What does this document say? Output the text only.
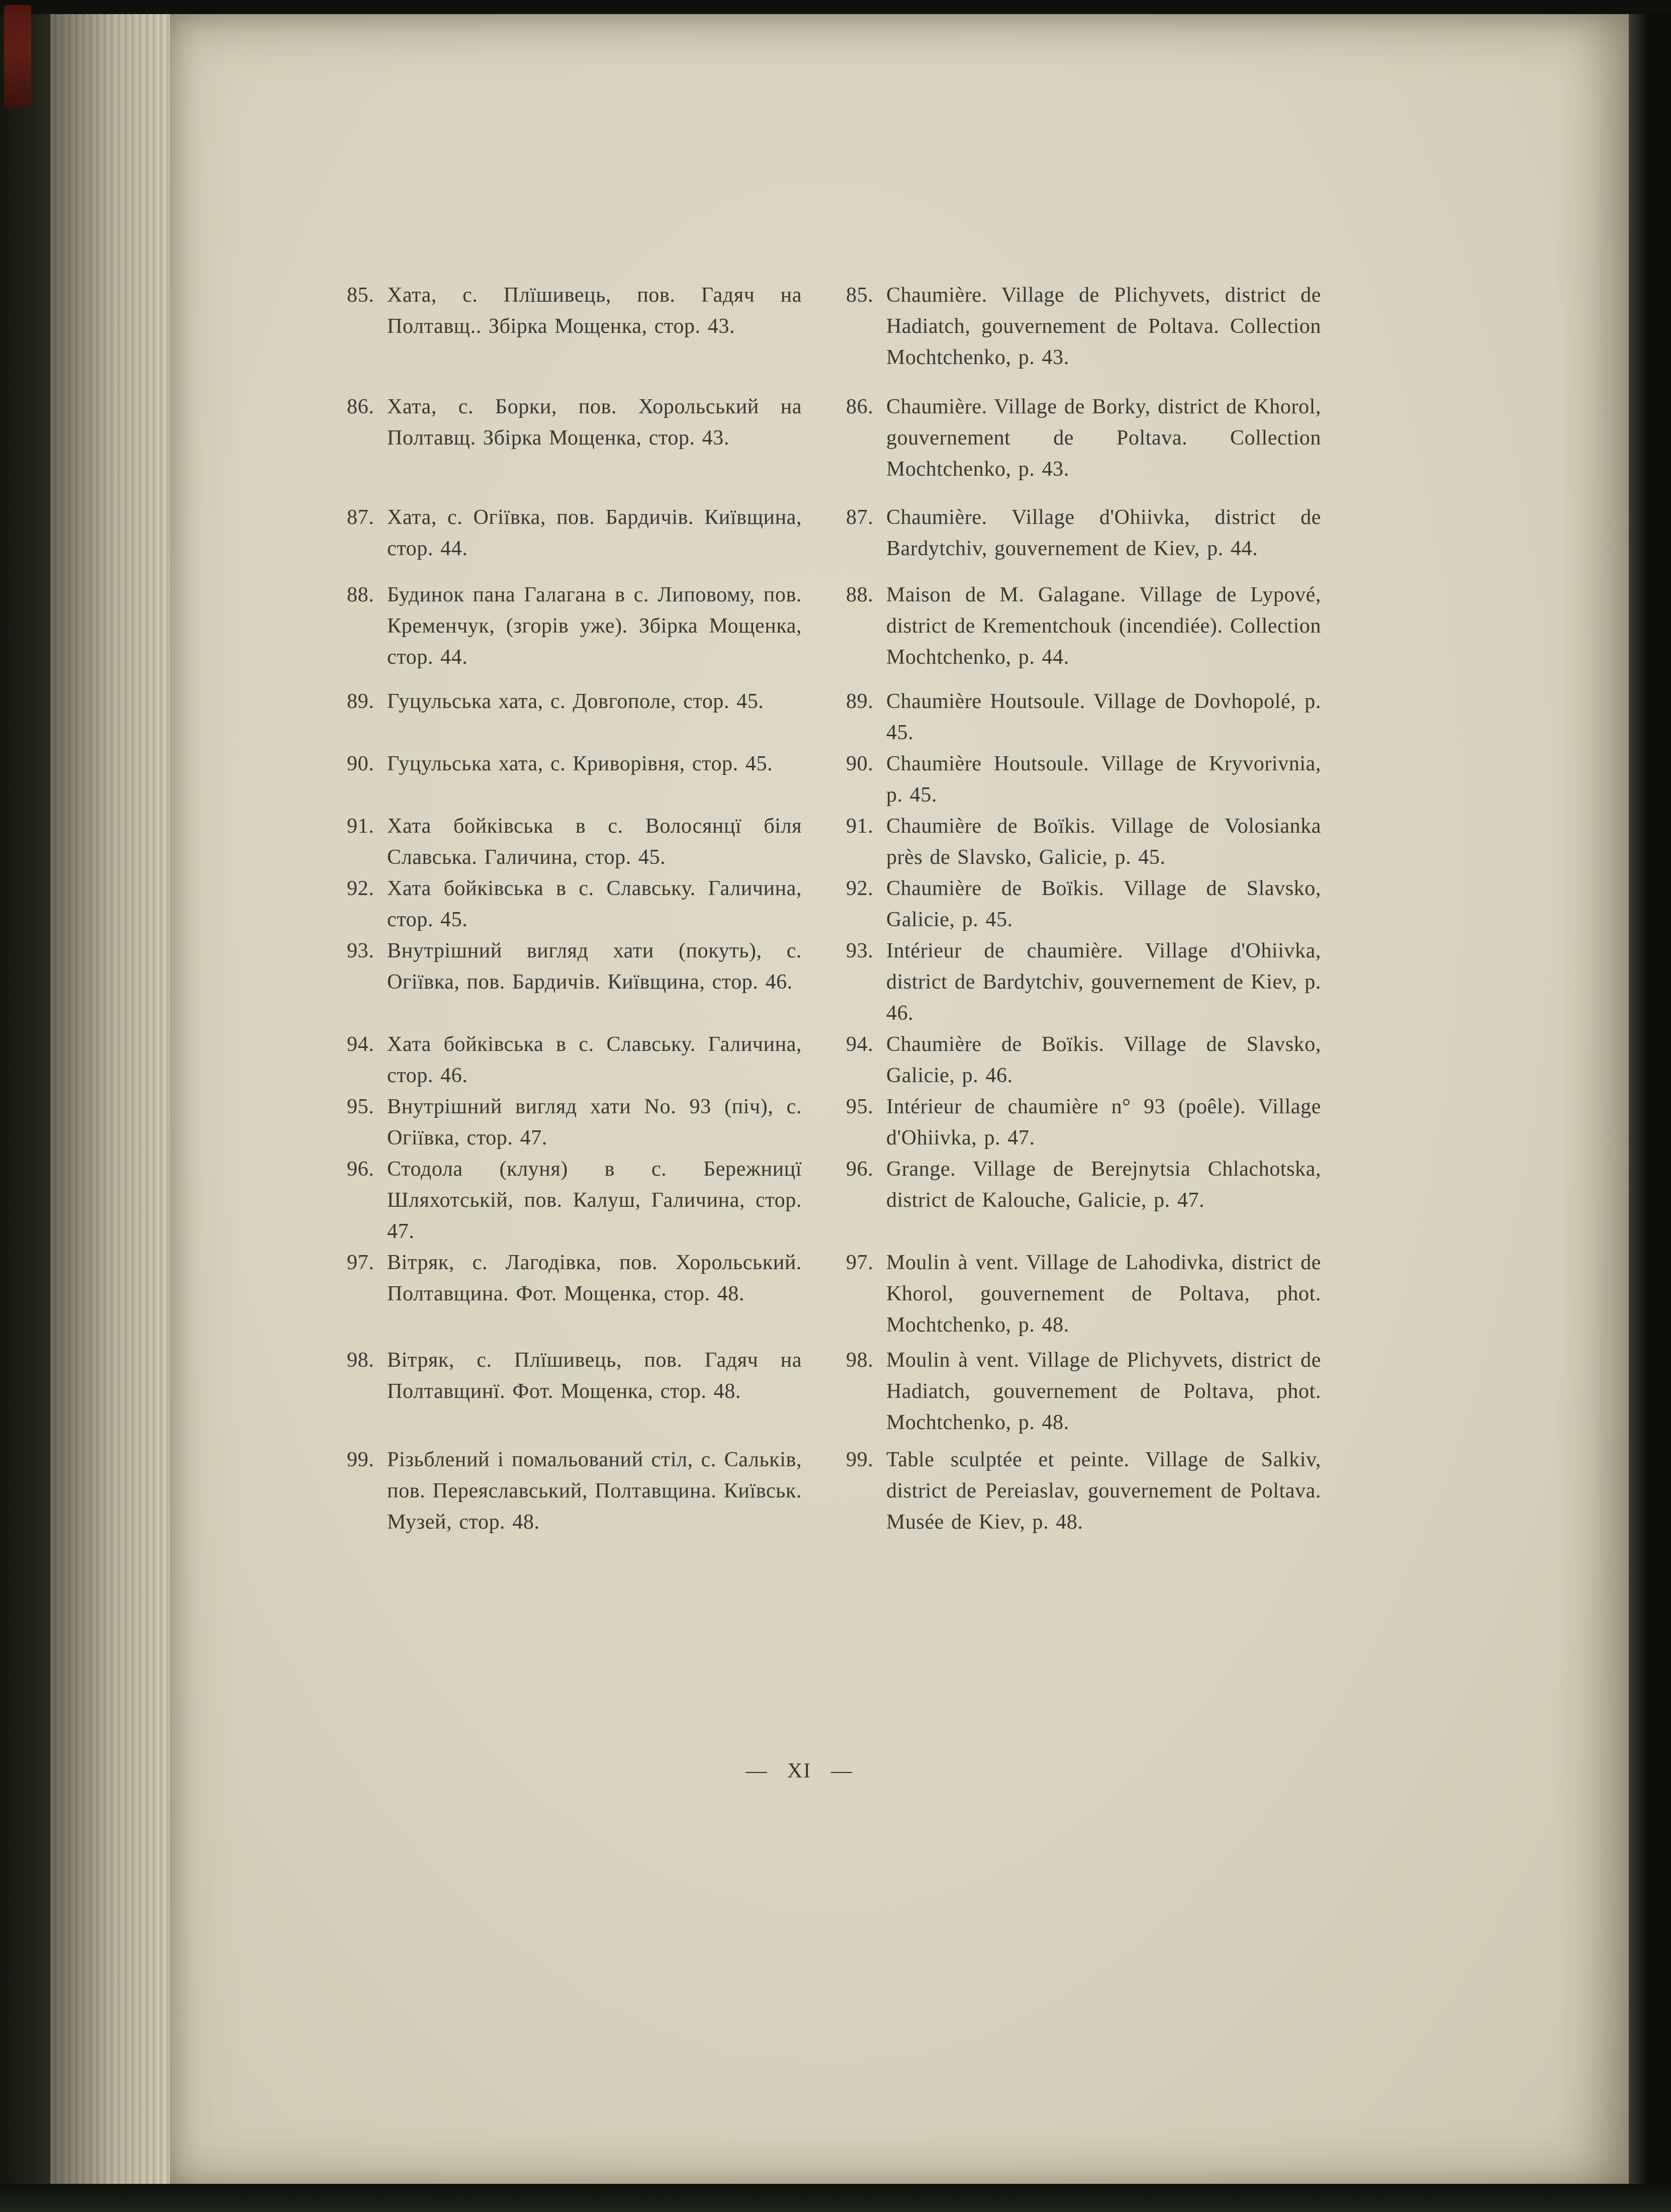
85. Хата, с. Плїшивець, пов. Гадяч на Полтавщ.. Збірка Мощенка, стор. 43.
85. Chaumière. Village de Plichyvets, district de Hadiatch, gouvernement de Poltava. Collection Mochtchenko, p. 43.
86. Хата, с. Борки, пов. Хорольський на Полтавщ. Збірка Мощенка, стор. 43.
86. Chaumière. Village de Borky, district de Khorol, gouvernement de Poltava. Collection Mochtchenko, p. 43.
87. Хата, с. Огіївка, пов. Бардичів. Київщина, стор. 44.
87. Chaumière. Village d'Ohiivka, district de Bardytchiv, gouvernement de Kiev, p. 44.
88. Будинок пана Галагана в с. Липовому, пов. Кременчук, (згорів уже). Збірка Мощенка, стор. 44.
88. Maison de M. Galagane. Village de Lypové, district de Krementchouk (incendiée). Collection Mochtchenko, p. 44.
89. Гуцульська хата, с. Довгополе, стор. 45.	89. Chaumière Houtsoule. Village de Dovhopolé, p. 45.
90. Гуцульська хата, с. Криворівня, стор. 45.	90. Chaumière Houtsoule. Village de Kryvorivnia, p. 45.
91. Хата бойківська в с. Волосянцї біля Славська. Галичина, стор. 45.
91. Chaumière de Boïkis. Village de Volosianka près de Slavsko, Galicie, p. 45.
92. Хата бойківська в с. Славську. Галичина, стор. 45.
92. Chaumière de Boïkis. Village de Slavsko, Galicie, p. 45.
93. Внутрішний вигляд хати (покуть), с. Огіївка, пов. Бардичів. Київщина, стор. 46.
93. Intérieur de chaumière. Village d'Ohiivka, district de Bardytchiv, gouvernement de Kiev, p. 46.
94. Хата бойківська в с. Славську. Галичина, стор. 46.
94. Chaumière de Boïkis. Village de Slavsko, Galicie, p. 46.
95. Внутрішний вигляд хати No. 93 (піч), с. Огіївка, стор. 47.
95. Intérieur de chaumière n° 93 (poêle). Village d'Ohiivka, p. 47.
96. Стодола (клуня) в с. Бережницї Шляхотській, пов. Калуш, Галичина, стор. 47.
96. Grange. Village de Berejnytsia Chlachotska, district de Kalouche, Galicie, p. 47.
97. Вітряк, с. Лагодівка, пов. Хорольський. Полтавщина. Фот. Мощенка, стор. 48.
97. Moulin à vent. Village de Lahodivka, district de Khorol, gouvernement de Poltava, phot. Mochtchenko, p. 48.
98. Вітряк, с. Плїшивець, пов. Гадяч на Полтавщинї. Фот. Мощенка, стор. 48.
98. Moulin à vent. Village de Plichyvets, district de Hadiatch, gouvernement de Poltava, phot. Mochtchenko, p. 48.
99. Різьблений і помальований стіл, с. Сальків, пов. Переяславський, Полтавщина. Київськ. Музей, стор. 48.
99. Table sculptée et peinte. Village de Salkiv, district de Pereiaslav, gouvernement de Poltava. Musée de Kiev, p. 48.
— XI —
